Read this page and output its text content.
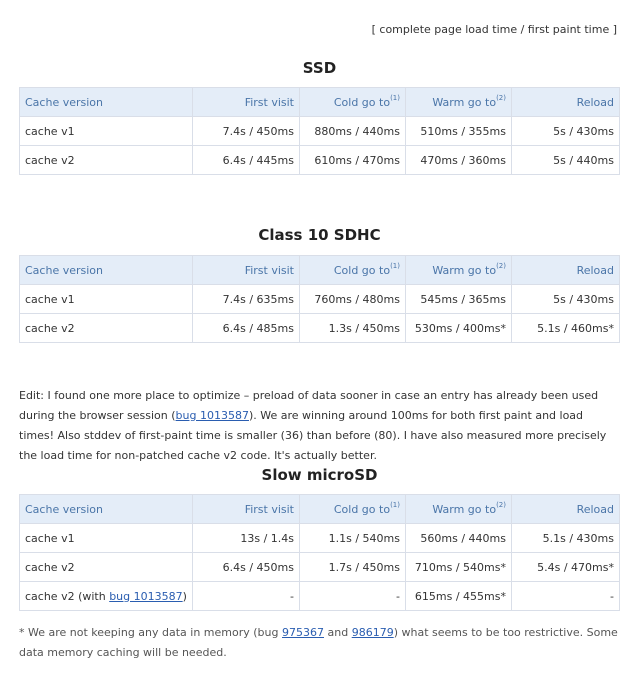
[ complete page load time / first paint time ]
SSD
Cache version	First visit	Cold go $to^{(1)}$	Warm go $to^{(2)}$	Reload
cache v1	7.4s / 450ms	880ms / 440ms	510ms / 355ms	5s / 430ms
cache v2	6.4s / 445ms	610ms / 470ms	470ms / 360ms	5s / 440ms
Class 10 SDHC
Cache version	First visit	Cold go $to^{(1)}$	Warm go $to^{(2)}$	Reload
cache v1	7.4s / 635ms	760ms / 480ms	545ms / 365ms	5s / 430ms
cache v2	6.4s / 485ms	1.3s / 450ms	530ms / 400ms*	5.1s / 460ms*
Edit: I found one more place to optimize – preload of data sooner in case an entry has already been used during the browser session (bug 1013587). We are winning around 100ms for both first paint and load times! Also stddev of first-paint time is smaller (36) than before (80). I have also measured more precisely the load time for non-patched cache v2 code. It's actually better.
Slow microSD
Cache version	First visit	Cold go $to^{(1)}$	Warm go $to^{(2)}$	Reload
cache v1	13s / 1.4s	1.1s / 540ms	560ms / 440ms	5.1s / 430ms
cache v2	6.4s / 450ms	1.7s / 450ms	710ms / 540ms*	5.4s / 470ms*
cache v2 (with bug 1013587)	-	-	615ms / 455ms*	-
* We are not keeping any data in memory (bug 975367 and 986179) what seems to be too restrictive. Some data memory caching will be needed.
